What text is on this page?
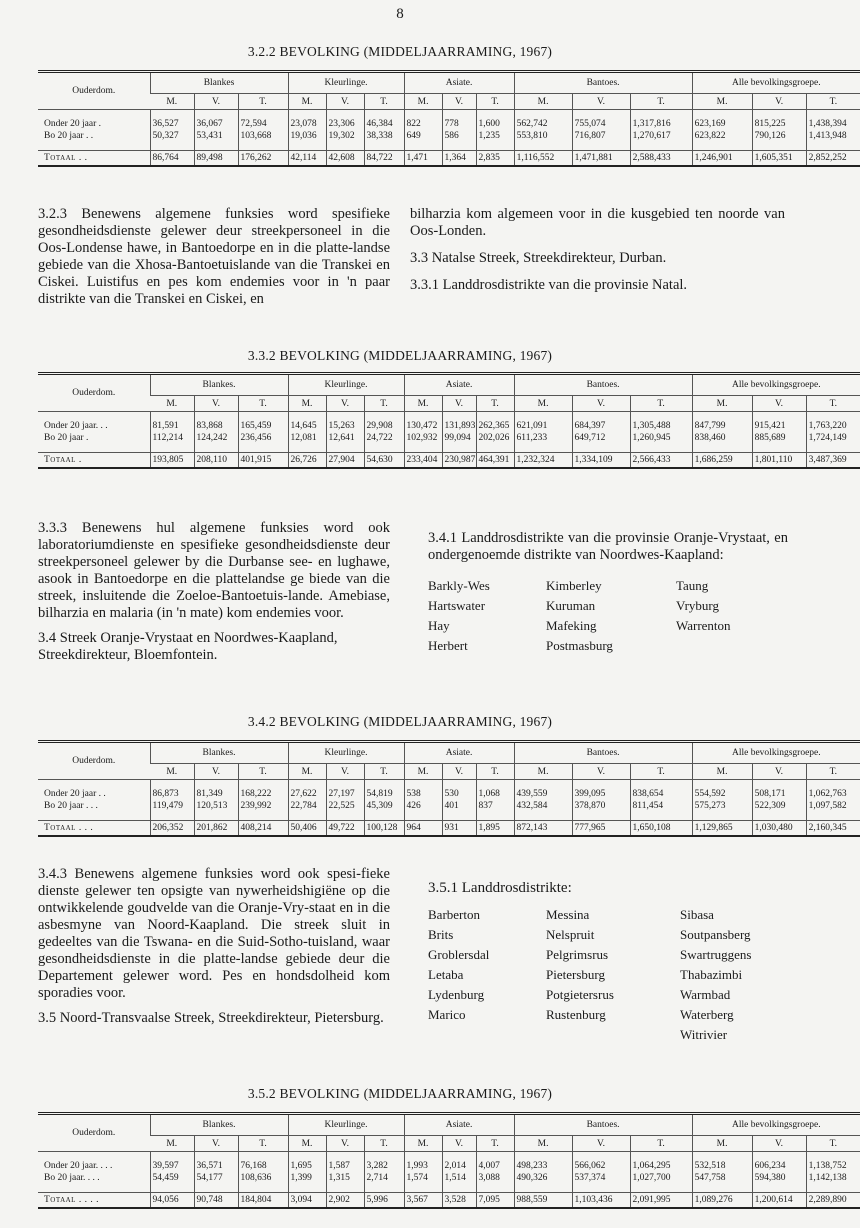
8
3.2.2 BEVOLKING (MIDDELJAARRAMING, 1967)
Ouderdom.	Blankes			Kleurlinge.			Asiate.			Bantoes.			Alle bevolkingsgroepe.		
	M.	V.	T.	M.	V.	T.	M.	V.	T.	M.	V.	T.	M.	V.	T.

Onder 20 jaar .	36,527	36,067	72,594	23,078	23,306	46,384	822	778	1,600	562,742	755,074	1,317,816	623,169	815,225	1,438,394
Bo 20 jaar . .	50,327	53,431	103,668	19,036	19,302	38,338	649	586	1,235	553,810	716,807	1,270,617	623,822	790,126	1,413,948

Totaal . .	86,764	89,498	176,262	42,114	42,608	84,722	1,471	1,364	2,835	1,116,552	1,471,881	2,588,433	1,246,901	1,605,351	2,852,252

3.2.3 Benewens algemene funksies word spesifieke gesondheidsdienste gelewer deur streekpersoneel in die Oos-Londense hawe, in Bantoedorpe en in die platte-landse gebiede van die Xhosa-Bantoetuislande van die Transkei en Ciskei. Luistifus en pes kom endemies voor in 'n paar distrikte van die Transkei en Ciskei, en

bilharzia kom algemeen voor in die kusgebied ten noorde van Oos-Londen.

3.3 Natalse Streek, Streekdirekteur, Durban.

3.3.1 Landdrosdistrikte van die provinsie Natal.

3.3.2 BEVOLKING (MIDDELJAARRAMING, 1967)
Ouderdom.	Blankes.			Kleurlinge.			Asiate.			Bantoes.			Alle bevolkingsgroepe.		
	M.	V.	T.	M.	V.	T.	M.	V.	T.	M.	V.	T.	M.	V.	T.

Onder 20 jaar. . .	81,591	83,868	165,459	14,645	15,263	29,908	130,472	131,893	262,365	621,091	684,397	1,305,488	847,799	915,421	1,763,220
Bo 20 jaar .	112,214	124,242	236,456	12,081	12,641	24,722	102,932	99,094	202,026	611,233	649,712	1,260,945	838,460	885,689	1,724,149

Totaal .	193,805	208,110	401,915	26,726	27,904	54,630	233,404	230,987	464,391	1,232,324	1,334,109	2,566,433	1,686,259	1,801,110	3,487,369

3.3.3 Benewens hul algemene funksies word ook laboratoriumdienste en spesifieke gesondheidsdienste deur streekpersoneel gelewer by die Durbanse see- en lughawe, asook in Bantoedorpe en die plattelandse ge biede van die streek, insluitende die Zoeloe-Bantoetuis-lande. Amebiase, bilharzia en malaria (in 'n mate) kom endemies voor.

3.4 Streek Oranje-Vrystaat en Noordwes-Kaapland, Streekdirekteur, Bloemfontein.

3.4.1 Landdrosdistrikte van die provinsie Oranje-Vrystaat, en ondergenoemde distrikte van Noordwes-Kaapland:

Barkly-Wes	Kimberley	Taung
Hartswater	Kuruman	Vryburg
Hay	Mafeking	Warrenton
Herbert	Postmasburg
3.4.2 BEVOLKING (MIDDELJAARRAMING, 1967)
Ouderdom.	Blankes.			Kleurlinge.			Asiate.			Bantoes.			Alle bevolkingsgroepe.		
	M.	V.	T.	M.	V.	T.	M.	V.	T.	M.	V.	T.	M.	V.	T.

Onder 20 jaar . .	86,873	81,349	168,222	27,622	27,197	54,819	538	530	1,068	439,559	399,095	838,654	554,592	508,171	1,062,763
Bo 20 jaar . . .	119,479	120,513	239,992	22,784	22,525	45,309	426	401	837	432,584	378,870	811,454	575,273	522,309	1,097,582

Totaal . . .	206,352	201,862	408,214	50,406	49,722	100,128	964	931	1,895	872,143	777,965	1,650,108	1,129,865	1,030,480	2,160,345

3.4.3 Benewens algemene funksies word ook spesi-fieke dienste gelewer ten opsigte van nywerheidshigiëne op die ontwikkelende goudvelde van die Oranje-Vry-staat en in die asbesmyne van Noord-Kaapland. Die streek sluit in gedeeltes van die Tswana- en die Suid-Sotho-tuisland, waar gesondheidsdienste in die platte-landse gebiede deur die Departement gelewer word. Pes en hondsdolheid kom sporadies voor.

3.5 Noord-Transvaalse Streek, Streekdirekteur, Pietersburg.

3.5.1 Landdrosdistrikte:

Barberton	Messina	Sibasa
Brits	Nelspruit	Soutpansberg
Groblersdal	Pelgrimsrus	Swartruggens
Letaba	Pietersburg	Thabazimbi
Lydenburg	Potgietersrus	Warmbad
Marico	Rustenburg	Waterberg
Witrivier
3.5.2 BEVOLKING (MIDDELJAARRAMING, 1967)
Ouderdom.	Blankes.			Kleurlinge.			Asiate.			Bantoes.			Alle bevolkingsgroepe.		
	M.	V.	T.	M.	V.	T.	M.	V.	T.	M.	V.	T.	M.	V.	T.

Onder 20 jaar. . . .	39,597	36,571	76,168	1,695	1,587	3,282	1,993	2,014	4,007	498,233	566,062	1,064,295	532,518	606,234	1,138,752
Bo 20 jaar. . . .	54,459	54,177	108,636	1,399	1,315	2,714	1,574	1,514	3,088	490,326	537,374	1,027,700	547,758	594,380	1,142,138

Totaal . . . .	94,056	90,748	184,804	3,094	2,902	5,996	3,567	3,528	7,095	988,559	1,103,436	2,091,995	1,089,276	1,200,614	2,289,890
